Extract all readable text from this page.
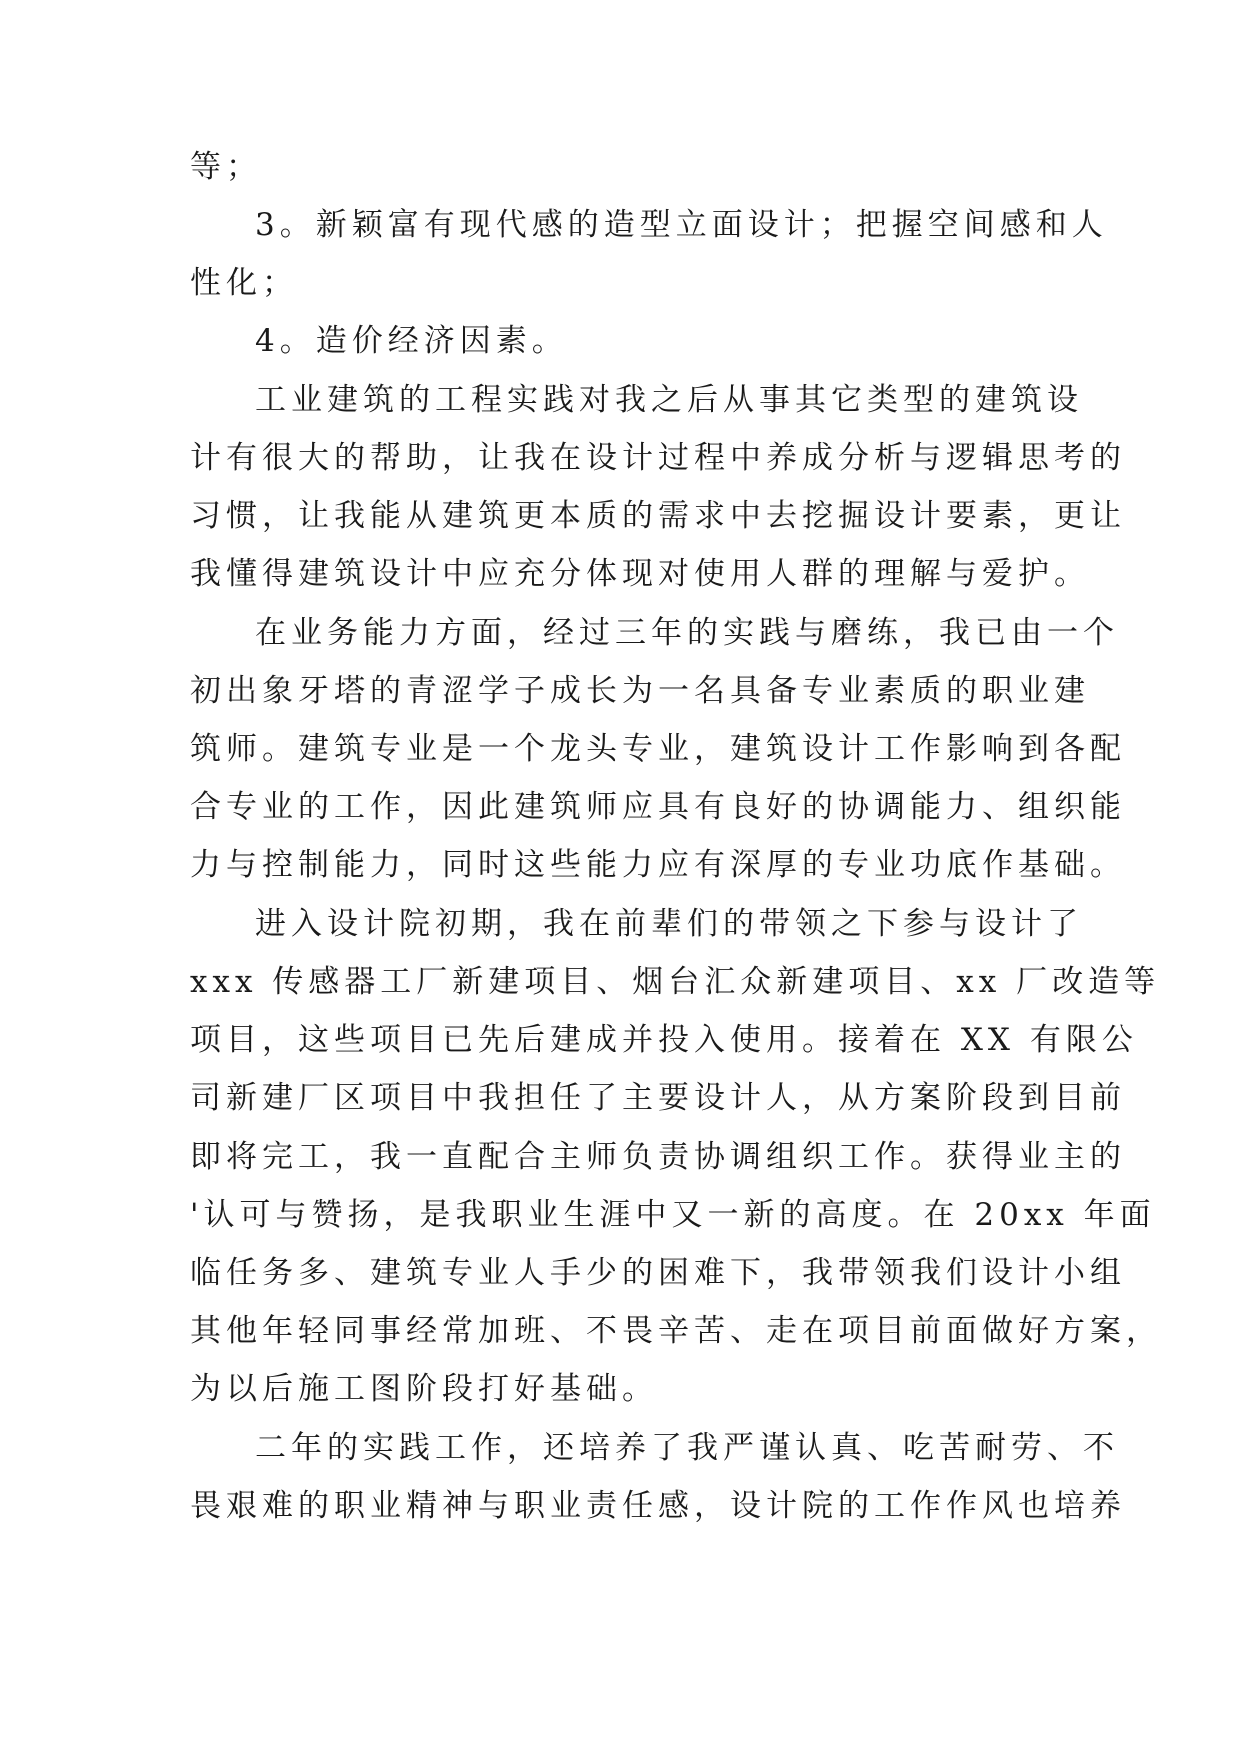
等；
3。新颖富有现代感的造型立面设计；把握空间感和人
性化；
4。造价经济因素。
工业建筑的工程实践对我之后从事其它类型的建筑设
计有很大的帮助，让我在设计过程中养成分析与逻辑思考的
习惯，让我能从建筑更本质的需求中去挖掘设计要素，更让
我懂得建筑设计中应充分体现对使用人群的理解与爱护。
在业务能力方面，经过三年的实践与磨练，我已由一个
初出象牙塔的青涩学子成长为一名具备专业素质的职业建
筑师。建筑专业是一个龙头专业，建筑设计工作影响到各配
合专业的工作，因此建筑师应具有良好的协调能力、组织能
力与控制能力，同时这些能力应有深厚的专业功底作基础。
进入设计院初期，我在前辈们的带领之下参与设计了
xxx 传感器工厂新建项目、烟台汇众新建项目、xx 厂改造等
项目，这些项目已先后建成并投入使用。接着在 XX 有限公
司新建厂区项目中我担任了主要设计人，从方案阶段到目前
即将完工，我一直配合主师负责协调组织工作。获得业主的
'认可与赞扬，是我职业生涯中又一新的高度。在 20xx 年面
临任务多、建筑专业人手少的困难下，我带领我们设计小组
其他年轻同事经常加班、不畏辛苦、走在项目前面做好方案，
为以后施工图阶段打好基础。
二年的实践工作，还培养了我严谨认真、吃苦耐劳、不
畏艰难的职业精神与职业责任感，设计院的工作作风也培养
